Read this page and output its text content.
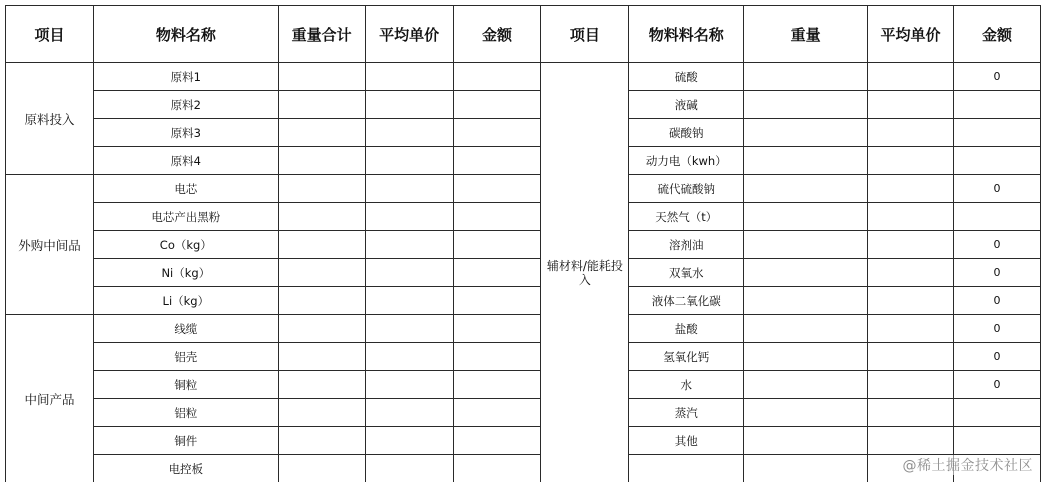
项目	物料名称	重量合计	平均单价	金额	项目	物料料名称	重量	平均单价	金额
原料投入	原料1				辅材料/能耗投入	硫酸			0
	原料2					液碱			
	原料3					碳酸钠			
	原料4					动力电（kwh）			
外购中间品	电芯					硫代硫酸钠			0
	电芯产出黑粉					天然气（t）			
	Co（kg）					溶剂油			0
	Ni（kg）					双氧水			0
	Li（kg）					液体二氧化碳			0
中间产品	线缆					盐酸			0
	铝壳					氢氧化钙			0
	铜粒					水			0
	铝粒					蒸汽			
	铜件					其他			
	电控板									@稀土掘金技术社区
